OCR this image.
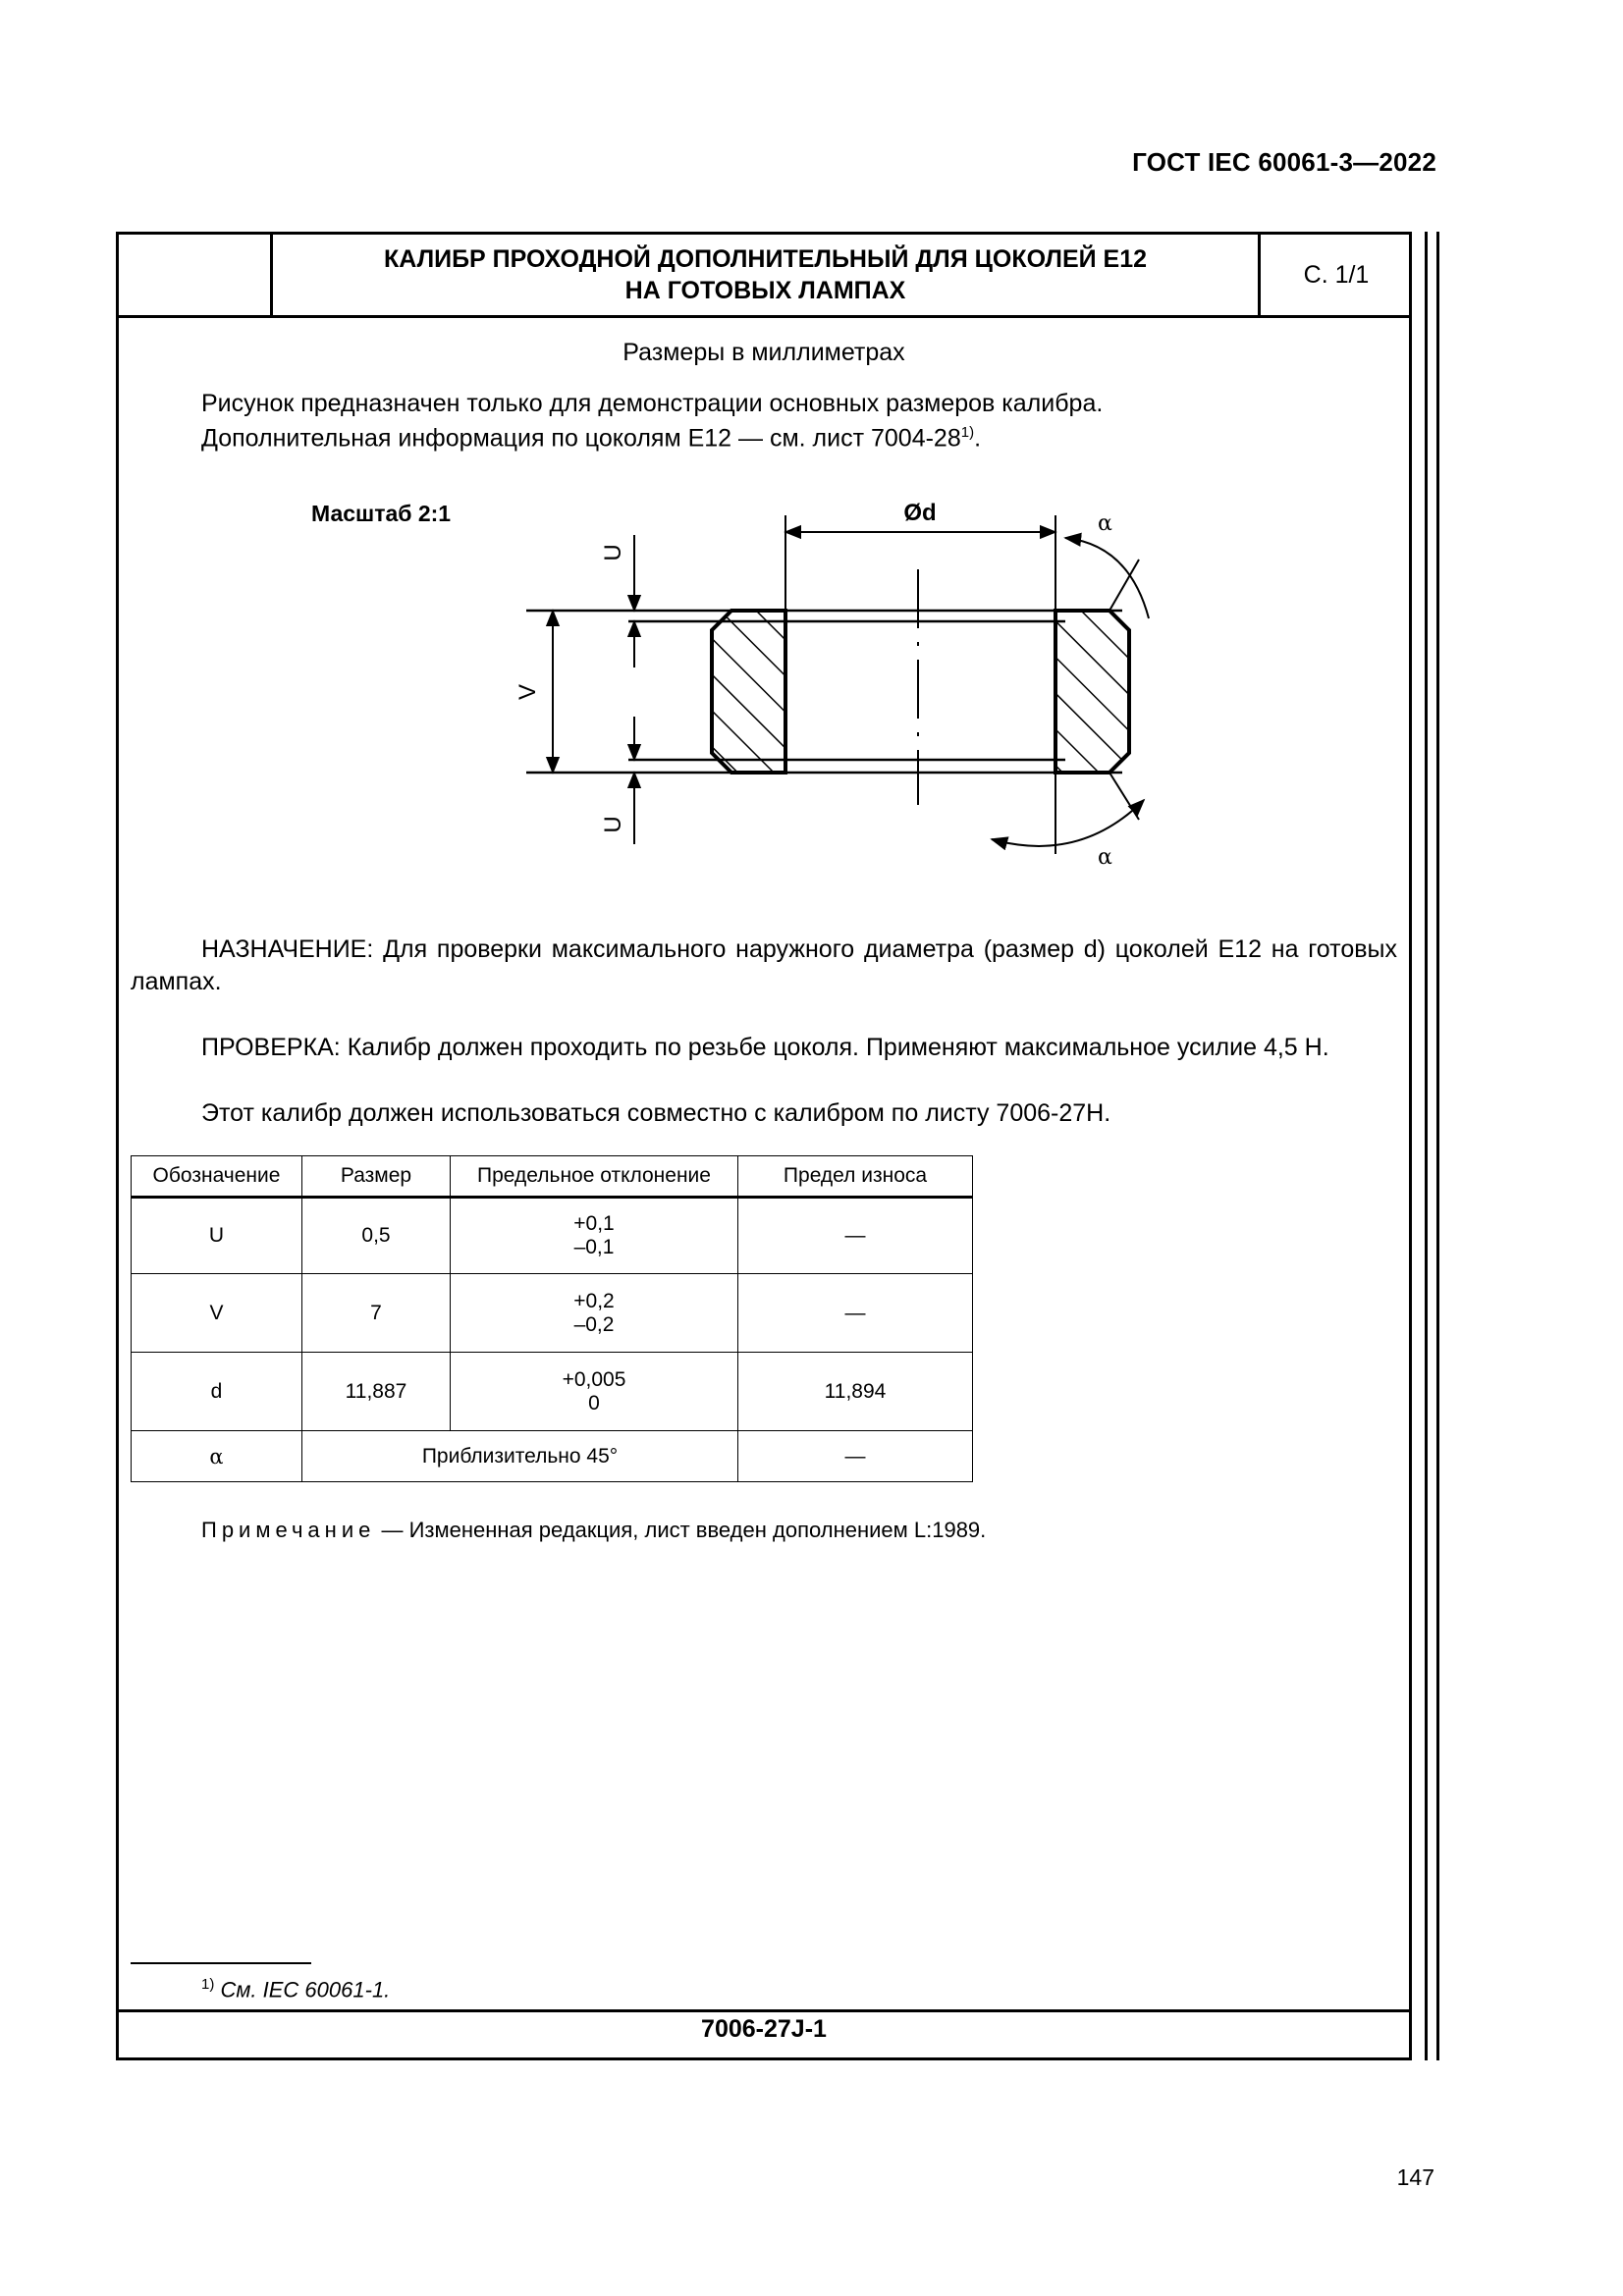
ГОСТ IEC 60061-3—2022
КАЛИБР ПРОХОДНОЙ ДОПОЛНИТЕЛЬНЫЙ ДЛЯ ЦОКОЛЕЙ Е12
НА ГОТОВЫХ ЛАМПАХ
С. 1/1
Размеры в миллиметрах
Рисунок предназначен только для демонстрации основных размеров калибра.
Дополнительная информация по цоколям Е12 — см. лист 7004-28$^{1)}$.
Масштаб 2:1
V
U
U
Ød	α
α
НАЗНАЧЕНИЕ: Для проверки максимального наружного диаметра (размер d) цоколей Е12 на готовых лампах.
ПРОВЕРКА: Калибр должен проходить по резьбе цоколя. Применяют максимальное усилие 4,5 Н.
Этот калибр должен использоваться совместно с калибром по листу 7006-27Н.
Обозначение	Размер	Предельное отклонение	Предел износа
U	0,5	+0,1
–0,1	—
V	7	+0,2
–0,2	—
d	11,887	+0,005
0	11,894
α	Приблизительно 45°		—
Примечание — Измененная редакция, лист введен дополнением L:1989.
$^{1)}$ См. IEC 60061-1.
7006-27J-1
147
